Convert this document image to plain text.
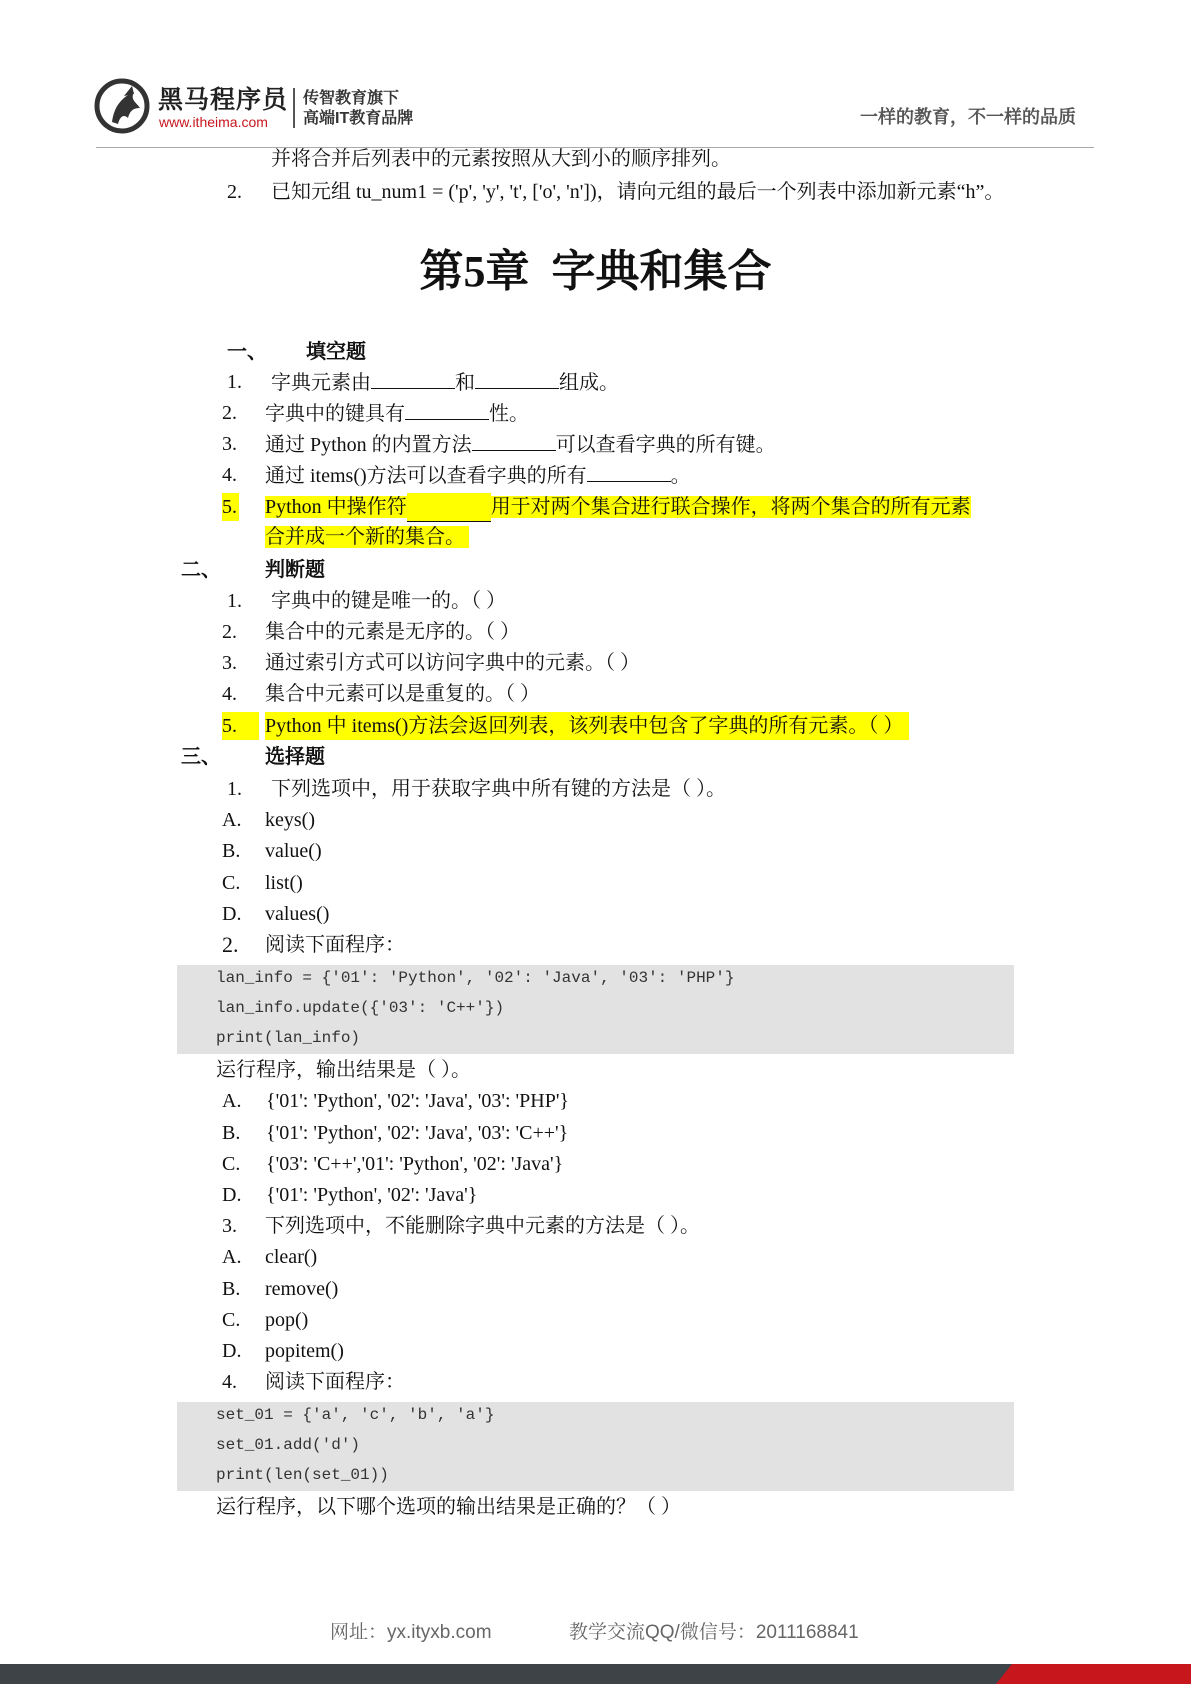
黑马程序员
www.itheima.com
传智教育旗下
高端IT教育品牌	一样的教育，不一样的品质
并将合并后列表中的元素按照从大到小的顺序排列。
2. 已知元组 tu_num1 = ('p', 'y', 't', ['o', 'n'])，请向元组的最后一个列表中添加新元素“h”。
第5章  字典和集合
一、 填空题
1. 字典元素由	和	组成。
2. 字典中的键具有	性。
3. 通过 Python 的内置方法	可以查看字典的所有键。
4. 通过 items()方法可以查看字典的所有	。
5. Python 中操作符	用于对两个集合进行联合操作，将两个集合的所有元素
合并成一个新的集合。
二、 判断题
1. 字典中的键是唯一的。（ ）
2. 集合中的元素是无序的。（ ）
3. 通过索引方式可以访问字典中的元素。（ ）
4. 集合中元素可以是重复的。（ ）
5.	Python 中 items()方法会返回列表，该列表中包含了字典的所有元素。（ ）
三、 选择题
1. 下列选项中，用于获取字典中所有键的方法是（ ）。
A. keys()
B. value()
C. list()
D. values()
2. 阅读下面程序：
lan_info = {'01': 'Python', '02': 'Java', '03': 'PHP'}
lan_info.update({'03': 'C++'})
print(lan_info)
运行程序，输出结果是（ ）。
A. {'01': 'Python', '02': 'Java', '03': 'PHP'}
B. {'01': 'Python', '02': 'Java', '03': 'C++'}
C. {'03': 'C++','01': 'Python', '02': 'Java'}
D. {'01': 'Python', '02': 'Java'}
3. 下列选项中，不能删除字典中元素的方法是（ ）。
A. clear()
B. remove()
C. pop()
D. popitem()
4. 阅读下面程序：
set_01 = {'a', 'c', 'b', 'a'}
set_01.add('d')
print(len(set_01))
运行程序，以下哪个选项的输出结果是正确的？（ ）
网址：yx.ityxb.com	教学交流QQ/微信号：2011168841
